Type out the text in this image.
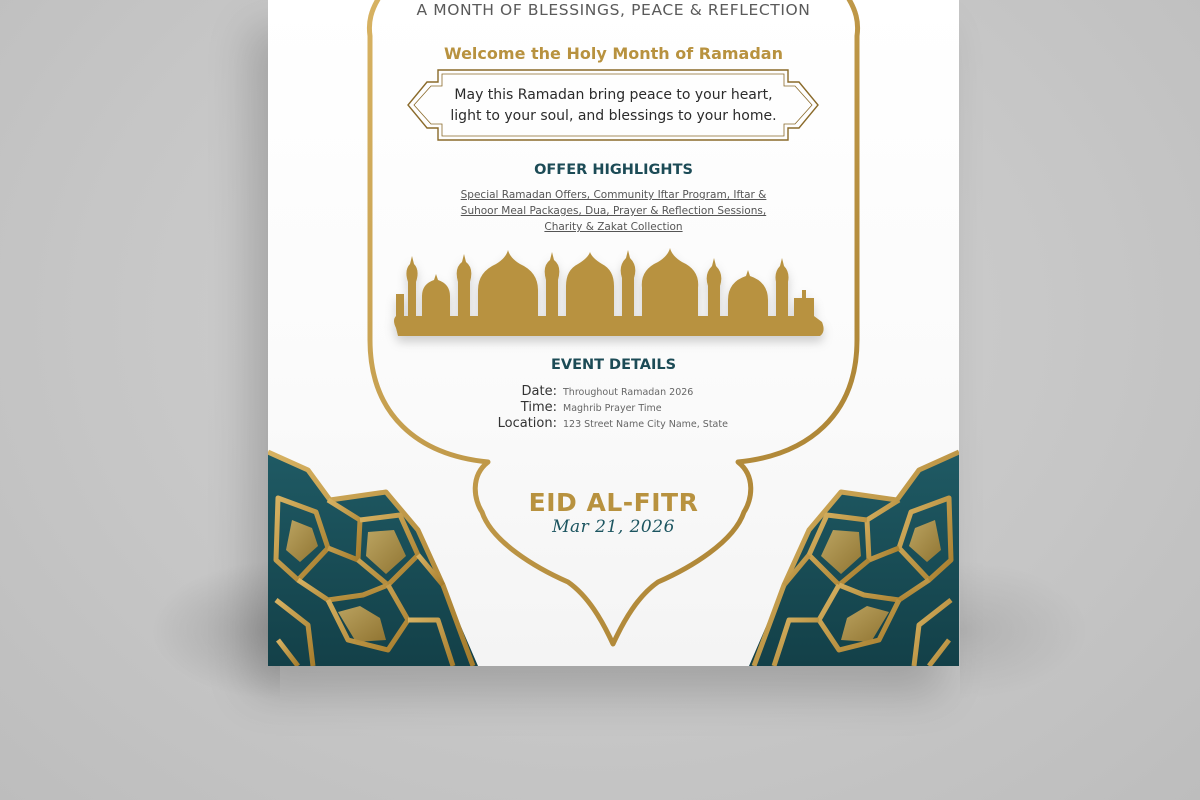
A MONTH OF BLESSINGS, PEACE & REFLECTION
Welcome the Holy Month of Ramadan
May this Ramadan bring peace to your heart,
light to your soul, and blessings to your home.
OFFER HIGHLIGHTS
Special Ramadan Offers, Community Iftar Program, Iftar & Suhoor Meal Packages, Dua, Prayer & Reflection Sessions, Charity & Zakat Collection
EVENT DETAILS
Date: Throughout Ramadan 2026
Time: Maghrib Prayer Time
Location: 123 Street Name City Name, State
EID AL-FITR
Mar 21, 2026
